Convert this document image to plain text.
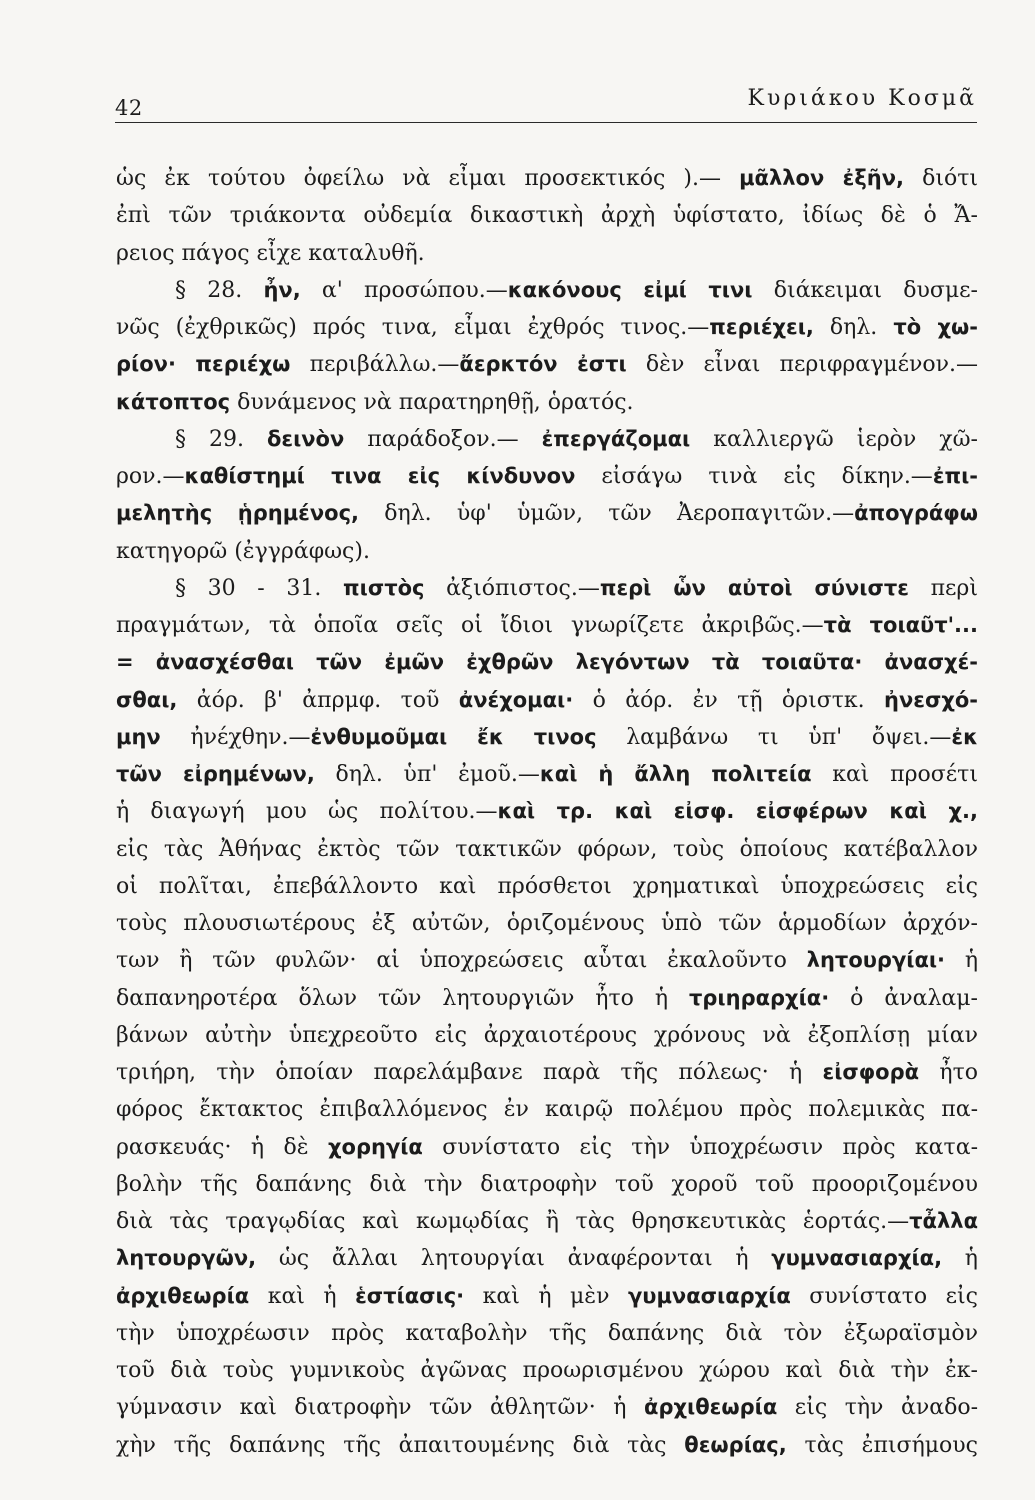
42	Κυριάκου Κοσμᾶ
ὡς ἐκ τούτου ὀφείλω νὰ εἶμαι προσεκτικός ).— μᾶλλον ἐξῆν, διότι
ἐπὶ τῶν τριάκοντα οὐδεμία δικαστικὴ ἀρχὴ ὑφίστατο, ἰδίως δὲ ὁ Ἄ-
ρειος πάγος εἶχε καταλυθῆ.
§ 28. ἦν, α' προσώπου.—κακόνους εἰμί τινι διάκειμαι δυσμε-
νῶς (ἐχθρικῶς) πρός τινα, εἶμαι ἐχθρός τινος.—περιέχει, δηλ. τὸ χω-
ρίον· περιέχω περιβάλλω.—ἄερκτόν ἐστι δὲν εἶναι περιφραγμένον.—
κάτοπτος δυνάμενος νὰ παρατηρηθῇ, ὁρατός.
§ 29. δεινὸν παράδοξον.— ἐπεργάζομαι καλλιεργῶ ἱερὸν χῶ-
ρον.—καθίστημί τινα εἰς κίνδυνον εἰσάγω τινὰ εἰς δίκην.—ἐπι-
μελητὴς ᾑρημένος, δηλ. ὑφ' ὑμῶν, τῶν Ἀεροπαγιτῶν.—ἀπογράφω
κατηγορῶ (ἐγγράφως).
§ 30 - 31. πιστὸς ἀξιόπιστος.—περὶ ὧν αὐτοὶ σύνιστε περὶ
πραγμάτων, τὰ ὁποῖα σεῖς οἱ ἴδιοι γνωρίζετε ἀκριβῶς.—τὰ τοιαῦτ'...
= ἀνασχέσθαι τῶν ἐμῶν ἐχθρῶν λεγόντων τὰ τοιαῦτα· ἀνασχέ-
σθαι, ἀόρ. β' ἀπρμφ. τοῦ ἀνέχομαι· ὁ ἀόρ. ἐν τῇ ὁριστκ. ἠνεσχό-
μην ἠνέχθην.—ἐνθυμοῦμαι ἔκ τινος λαμβάνω τι ὑπ' ὄψει.—ἐκ
τῶν εἰρημένων, δηλ. ὑπ' ἐμοῦ.—καὶ ἡ ἄλλη πολιτεία καὶ προσέτι
ἡ διαγωγή μου ὡς πολίτου.—καὶ τρ. καὶ εἰσφ. εἰσφέρων καὶ χ.,
εἰς τὰς Ἀθήνας ἐκτὸς τῶν τακτικῶν φόρων, τοὺς ὁποίους κατέβαλλον
οἱ πολῖται, ἐπεβάλλοντο καὶ πρόσθετοι χρηματικαὶ ὑποχρεώσεις εἰς
τοὺς πλουσιωτέρους ἐξ αὐτῶν, ὁριζομένους ὑπὸ τῶν ἁρμοδίων ἀρχόν-
των ἢ τῶν φυλῶν· αἱ ὑποχρεώσεις αὗται ἐκαλοῦντο λητουργίαι· ἡ
δαπανηροτέρα ὅλων τῶν λητουργιῶν ἦτο ἡ τριηραρχία· ὁ ἀναλαμ-
βάνων αὐτὴν ὑπεχρεοῦτο εἰς ἀρχαιοτέρους χρόνους νὰ ἐξοπλίσῃ μίαν
τριήρη, τὴν ὁποίαν παρελάμβανε παρὰ τῆς πόλεως· ἡ εἰσφορὰ ἦτο
φόρος ἔκτακτος ἐπιβαλλόμενος ἐν καιρῷ πολέμου πρὸς πολεμικὰς πα-
ρασκευάς· ἡ δὲ χορηγία συνίστατο εἰς τὴν ὑποχρέωσιν πρὸς κατα-
βολὴν τῆς δαπάνης διὰ τὴν διατροφὴν τοῦ χοροῦ τοῦ προοριζομένου
διὰ τὰς τραγῳδίας καὶ κωμῳδίας ἢ τὰς θρησκευτικὰς ἑορτάς.—τἆλλα
λητουργῶν, ὡς ἄλλαι λητουργίαι ἀναφέρονται ἡ γυμνασιαρχία, ἡ
ἀρχιθεωρία καὶ ἡ ἑστίασις· καὶ ἡ μὲν γυμνασιαρχία συνίστατο εἰς
τὴν ὑποχρέωσιν πρὸς καταβολὴν τῆς δαπάνης διὰ τὸν ἐξωραϊσμὸν
τοῦ διὰ τοὺς γυμνικοὺς ἀγῶνας προωρισμένου χώρου καὶ διὰ τὴν ἐκ-
γύμνασιν καὶ διατροφὴν τῶν ἀθλητῶν· ἡ ἀρχιθεωρία εἰς τὴν ἀναδο-
χὴν τῆς δαπάνης τῆς ἀπαιτουμένης διὰ τὰς θεωρίας, τὰς ἐπισήμους
